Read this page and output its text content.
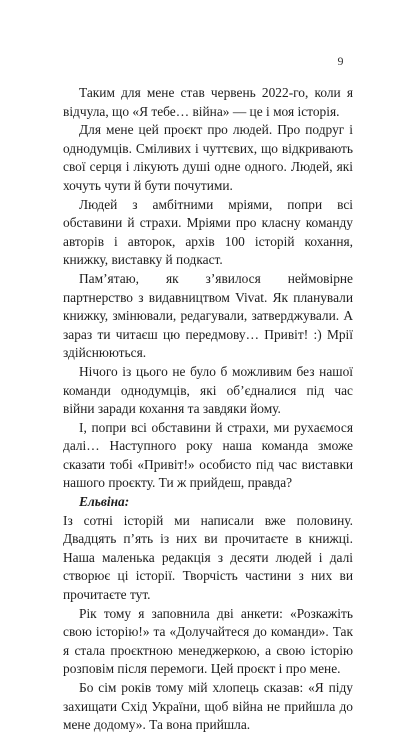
9

Таким для мене став червень 2022-го, коли я відчула, що «Я тебе… війна» — це і моя історія.

Для мене цей проєкт про людей. Про подруг і однодумців. Сміливих і чуттєвих, що відкривають свої серця і лікують душі одне одного. Людей, які хочуть чути й бути почутими.

Людей з амбітними мріями, попри всі обставини й страхи. Мріями про класну команду авторів і авторок, архів 100 історій кохання, книжку, виставку й подкаст.

Пам’ятаю, як з’явилося неймовірне партнерство з видавництвом Vivat. Як планували книжку, змінювали, редагували, затверджували. А зараз ти читаєш цю передмову… Привіт! :) Мрії здійснюються.

Нічого із цього не було б можливим без нашої команди однодумців, які об’єдналися під час війни заради кохання та завдяки йому.

І, попри всі обставини й страхи, ми рухаємося далі… Наступного року наша команда зможе сказати тобі «Привіт!» особисто під час виставки нашого проєкту. Ти ж прийдеш, правда?

Ельвіна:

Із сотні історій ми написали вже половину. Двадцять п’ять із них ви прочитаєте в книжці. Наша маленька редакція з десяти людей і далі створює ці історії. Творчість частини з них ви прочитаєте тут.

Рік тому я заповнила дві анкети: «Розкажіть свою історію!» та «Долучайтеся до команди». Так я стала проєктною менеджеркою, а свою історію розповім після перемоги. Цей проєкт і про мене.

Бо сім років тому мій хлопець сказав: «Я піду захищати Схід України, щоб війна не прийшла до мене додому». Та вона прийшла.
